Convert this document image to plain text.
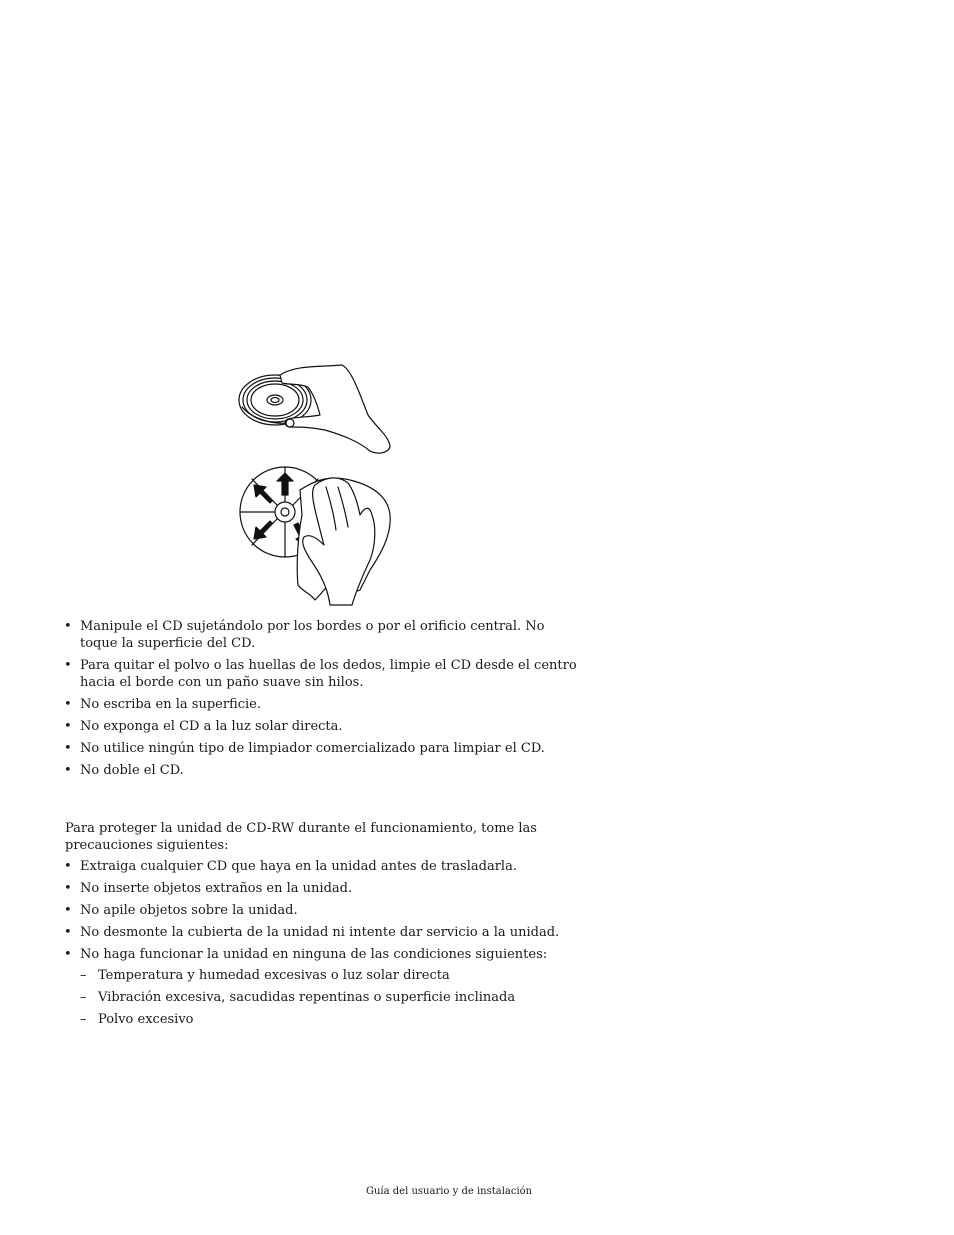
• Manipule el CD sujetándolo por los bordes o por el orificio central. No toque la superficie del CD.
• Para quitar el polvo o las huellas de los dedos, limpie el CD desde el centro hacia el borde con un paño suave sin hilos.
• No escriba en la superficie.
• No exponga el CD a la luz solar directa.
• No utilice ningún tipo de limpiador comercializado para limpiar el CD.
• No doble el CD.

Para proteger la unidad de CD-RW durante el funcionamiento, tome las precauciones siguientes:

• Extraiga cualquier CD que haya en la unidad antes de trasladarla.
• No inserte objetos extraños en la unidad.
• No apile objetos sobre la unidad.
• No desmonte la cubierta de la unidad ni intente dar servicio a la unidad.
• No haga funcionar la unidad en ninguna de las condiciones siguientes:
– Temperatura y humedad excesivas o luz solar directa
– Vibración excesiva, sacudidas repentinas o superficie inclinada
– Polvo excesivo
Guía del usuario y de instalación
